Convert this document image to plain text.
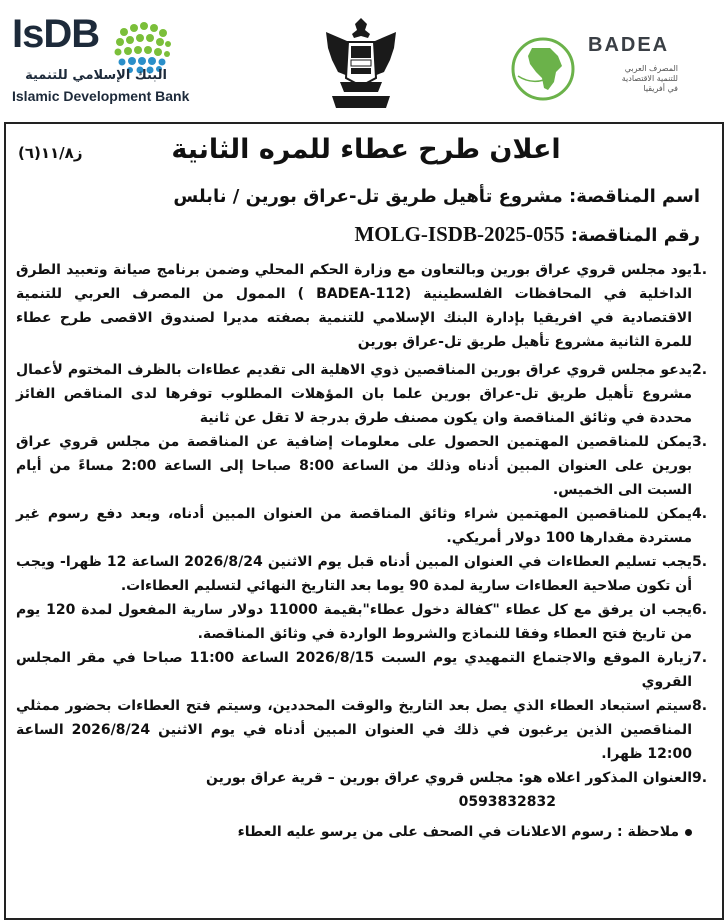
IsDB
البنك الإسلامي للتنمية
Islamic Development Bank
BADEA
المصرف العربي
للتنمية الاقتصادية
في أفريقيا
ز١١/٨(٦)	اعلان طرح عطاء للمره الثانية
اسم المناقصة: مشروع تأهيل طريق تل-عراق بورين / نابلس
رقم المناقصة: MOLG-ISDB-2025-055
1.
يود مجلس قروي عراق بورين وبالتعاون مع وزارة الحكم المحلي وضمن برنامج صيانة وتعبيد الطرق الداخلية في المحافظات الفلسطينية (BADEA-112 ) الممول من المصرف العربي للتنمية الاقتصادية في افريقيا بإدارة البنك الإسلامي للتنمية بصفته مديرا لصندوق الاقصى طرح عطاء للمرة الثانية مشروع تأهيل طريق تل-عراق بورين
2.
يدعو مجلس قروي عراق بورين المناقصين ذوي الاهلية الى تقديم عطاءات بالظرف المختوم لأعمال مشروع تأهيل طريق تل-عراق بورين علما بان المؤهلات المطلوب توفرها لدى المناقص الفائز محددة في وثائق المناقصة وان يكون مصنف طرق بدرجة لا تقل عن ثانية
3.
يمكن للمناقصين المهتمين الحصول على معلومات إضافية عن المناقصة من مجلس قروي عراق بورين على العنوان المبين أدناه وذلك من الساعة 8:00 صباحا إلى الساعة 2:00 مساءً من أيام السبت الى الخميس.
4.
يمكن للمناقصين المهتمين شراء وثائق المناقصة من العنوان المبين أدناه، وبعد دفع رسوم غير مستردة مقدارها 100 دولار أمريكي.
5.
يجب تسليم العطاءات في العنوان المبين أدناه قبل يوم الاثنين 2026/8/24 الساعة 12 ظهرا- ويجب أن تكون صلاحية العطاءات سارية لمدة 90 يوما بعد التاريخ النهائي لتسليم العطاءات.
6.
يجب ان يرفق مع كل عطاء "كفالة دخول عطاء"بقيمة 11000 دولار سارية المفعول لمدة 120 يوم من تاريخ فتح العطاء وفقا للنماذج والشروط الواردة في وثائق المناقصة.
7.
زيارة الموقع والاجتماع التمهيدي يوم السبت 2026/8/15 الساعة 11:00 صباحا في مقر المجلس القروي
8.
سيتم استبعاد العطاء الذي يصل بعد التاريخ والوقت المحددين، وسيتم فتح العطاءات بحضور ممثلي المناقصين الذين يرغبون في ذلك في العنوان المبين أدناه في يوم الاثنين 2026/8/24 الساعة 12:00 ظهرا.
9.
العنوان المذكور اعلاه هو: مجلس قروي عراق بورين – قرية عراق بورين
0593832832
ملاحظة : رسوم الاعلانات في الصحف على من يرسو عليه العطاء
